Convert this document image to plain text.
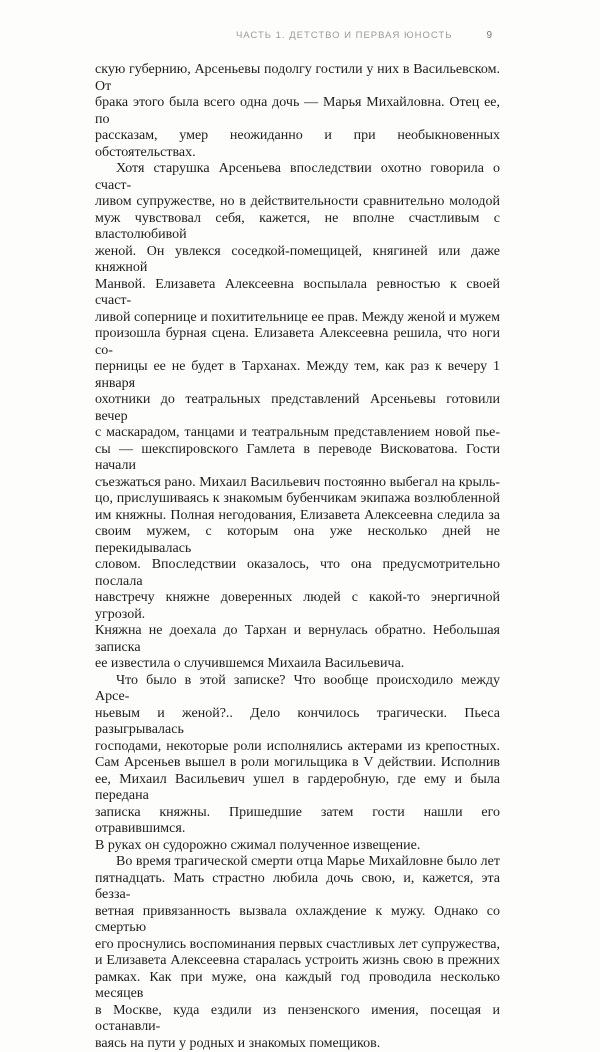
ЧАСТЬ 1. ДЕТСТВО И ПЕРВАЯ ЮНОСТЬ	9
скую губернию, Арсеньевы подолгу гостили у них в Васильевском. От
брака этого была всего одна дочь — Марья Михайловна. Отец ее, по
рассказам, умер неожиданно и при необыкновенных обстоятельствах.
Хотя старушка Арсеньева впоследствии охотно говорила о счаст-
ливом супружестве, но в действительности сравнительно молодой
муж чувствовал себя, кажется, не вполне счастливым с властолюбивой
женой. Он увлекся соседкой-помещицей, княгиней или даже княжной
Манвой. Елизавета Алексеевна воспылала ревностью к своей счаст-
ливой сопернице и похитительнице ее прав. Между женой и мужем
произошла бурная сцена. Елизавета Алексеевна решила, что ноги со-
перницы ее не будет в Тарханах. Между тем, как раз к вечеру 1 января
охотники до театральных представлений Арсеньевы готовили вечер
с маскарадом, танцами и театральным представлением новой пье-
сы — шекспировского Гамлета в переводе Висковатова. Гости начали
съезжаться рано. Михаил Васильевич постоянно выбегал на крыль-
цо, прислушиваясь к знакомым бубенчикам экипажа возлюбленной
им княжны. Полная негодования, Елизавета Алексеевна следила за
своим мужем, с которым она уже несколько дней не перекидывалась
словом. Впоследствии оказалось, что она предусмотрительно послала
навстречу княжне доверенных людей с какой-то энергичной угрозой.
Княжна не доехала до Тархан и вернулась обратно. Небольшая записка
ее известила о случившемся Михаила Васильевича.
Что было в этой записке? Что вообще происходило между Арсе-
ньевым и женой?.. Дело кончилось трагически. Пьеса разыгрывалась
господами, некоторые роли исполнялись актерами из крепостных.
Сам Арсеньев вышел в роли могильщика в V действии. Исполнив
ее, Михаил Васильевич ушел в гардеробную, где ему и была передана
записка княжны. Пришедшие затем гости нашли его отравившимся.
В руках он судорожно сжимал полученное извещение.
Во время трагической смерти отца Марье Михайловне было лет
пятнадцать. Мать страстно любила дочь свою, и, кажется, эта безза-
ветная привязанность вызвала охлаждение к мужу. Однако со смертью
его проснулись воспоминания первых счастливых лет супружества,
и Елизавета Алексеевна старалась устроить жизнь свою в прежних
рамках. Как при муже, она каждый год проводила несколько месяцев
в Москве, куда ездили из пензенского имения, посещая и останавли-
ваясь на пути у родных и знакомых помещиков.
